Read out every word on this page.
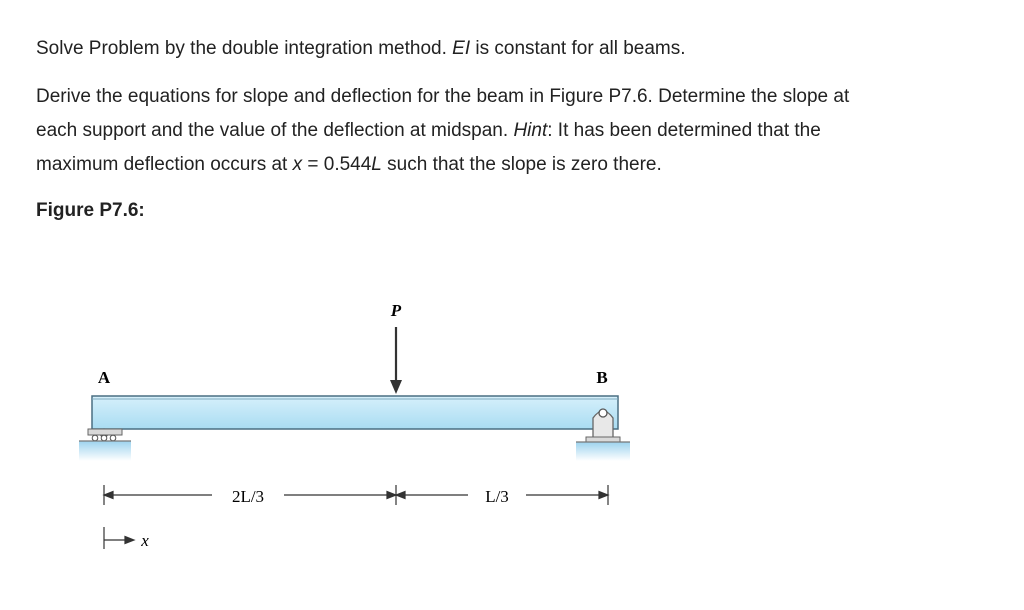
Solve Problem by the double integration method. EI is constant for all beams.
Derive the equations for slope and deflection for the beam in Figure P7.6. Determine the slope at
each support and the value of the deflection at midspan. Hint: It has been determined that the
maximum deflection occurs at x = 0.544L such that the slope is zero there.
Figure P7.6:
P
A	B
2L/3	L/3
x
